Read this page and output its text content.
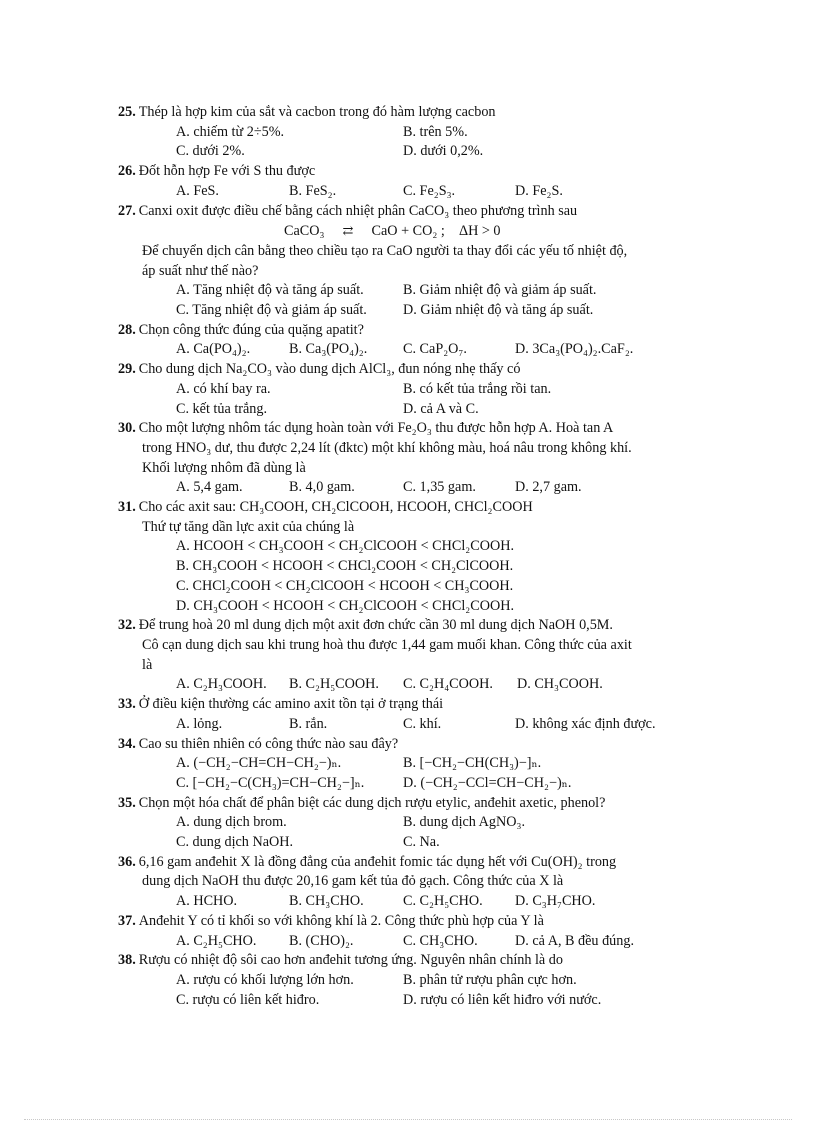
25. Thép là hợp kim của sắt và cacbon trong đó hàm lượng cacbon
A. chiếm từ 2÷5%.	B. trên 5%.
C. dưới 2%.	D. dưới 0,2%.
26. Đốt hỗn hợp Fe với S thu được
A. FeS.	B. FeS₂.	C. Fe₂S₃.	D. Fe₂S.
27. Canxi oxit được điều chế bằng cách nhiệt phân CaCO₃ theo phương trình sau
CaCO₃ ⇄ CaO + CO₂ ; ΔH > 0
Để chuyển dịch cân bằng theo chiều tạo ra CaO người ta thay đổi các yếu tố nhiệt độ,
áp suất như thế nào?
A. Tăng nhiệt độ và tăng áp suất.	B. Giảm nhiệt độ và giảm áp suất.
C. Tăng nhiệt độ và giảm áp suất.	D. Giảm nhiệt độ và tăng áp suất.
28. Chọn công thức đúng của quặng apatit?
A. Ca(PO₄)₂.	B. Ca₃(PO₄)₂.	C. CaP₂O₇.	D. 3Ca₃(PO₄)₂.CaF₂.
29. Cho dung dịch Na₂CO₃ vào dung dịch AlCl₃, đun nóng nhẹ thấy có
A. có khí bay ra.	B. có kết tủa trắng rồi tan.
C. kết tủa trắng.	D. cả A và C.
30. Cho một lượng nhôm tác dụng hoàn toàn với Fe₂O₃ thu được hỗn hợp A. Hoà tan A
trong HNO₃ dư, thu được 2,24 lít (đktc) một khí không màu, hoá nâu trong không khí.
Khối lượng nhôm đã dùng là
A. 5,4 gam.	B. 4,0 gam.	C. 1,35 gam.	D. 2,7 gam.
31. Cho các axit sau: CH₃COOH, CH₂ClCOOH, HCOOH, CHCl₂COOH
Thứ tự tăng dần lực axit của chúng là
A. HCOOH < CH₃COOH < CH₂ClCOOH < CHCl₂COOH.
B. CH₃COOH < HCOOH < CHCl₂COOH < CH₂ClCOOH.
C. CHCl₂COOH < CH₂ClCOOH < HCOOH < CH₃COOH.
D. CH₃COOH < HCOOH < CH₂ClCOOH < CHCl₂COOH.
32. Để trung hoà 20 ml dung dịch một axit đơn chức cần 30 ml dung dịch NaOH 0,5M.
Cô cạn dung dịch sau khi trung hoà thu được 1,44 gam muối khan. Công thức của axit
là
A. C₂H₃COOH.	B. C₂H₅COOH.	C. C₂H₄COOH.	D. CH₃COOH.
33. Ở điều kiện thường các amino axit tồn tại ở trạng thái
A. lỏng.	B. rắn.	C. khí.	D. không xác định được.
34. Cao su thiên nhiên có công thức nào sau đây?
A. (−CH₂−CH=CH−CH₂−)ₙ.	B. [−CH₂−CH(CH₃)−]ₙ.
C. [−CH₂−C(CH₃)=CH−CH₂−]ₙ.	D. (−CH₂−CCl=CH−CH₂−)ₙ.
35. Chọn một hóa chất để phân biệt các dung dịch rượu etylic, anđehit axetic, phenol?
A. dung dịch brom.	B. dung dịch AgNO₃.
C. dung dịch NaOH.	C. Na.
36. 6,16 gam anđehit X là đồng đẳng của anđehit fomic tác dụng hết với Cu(OH)₂ trong
dung dịch NaOH thu được 20,16 gam kết tủa đỏ gạch. Công thức của X là
A. HCHO.	B. CH₃CHO.	C. C₂H₅CHO.	D. C₃H₇CHO.
37. Anđehit Y có tỉ khối so với không khí là 2. Công thức phù hợp của Y là
A. C₂H₅CHO.	B. (CHO)₂.	C. CH₃CHO.	D. cả A, B đều đúng.
38. Rượu có nhiệt độ sôi cao hơn anđehit tương ứng. Nguyên nhân chính là do
A. rượu có khối lượng lớn hơn.	B. phân tử rượu phân cực hơn.
C. rượu có liên kết hiđro.	D. rượu có liên kết hiđro với nước.
